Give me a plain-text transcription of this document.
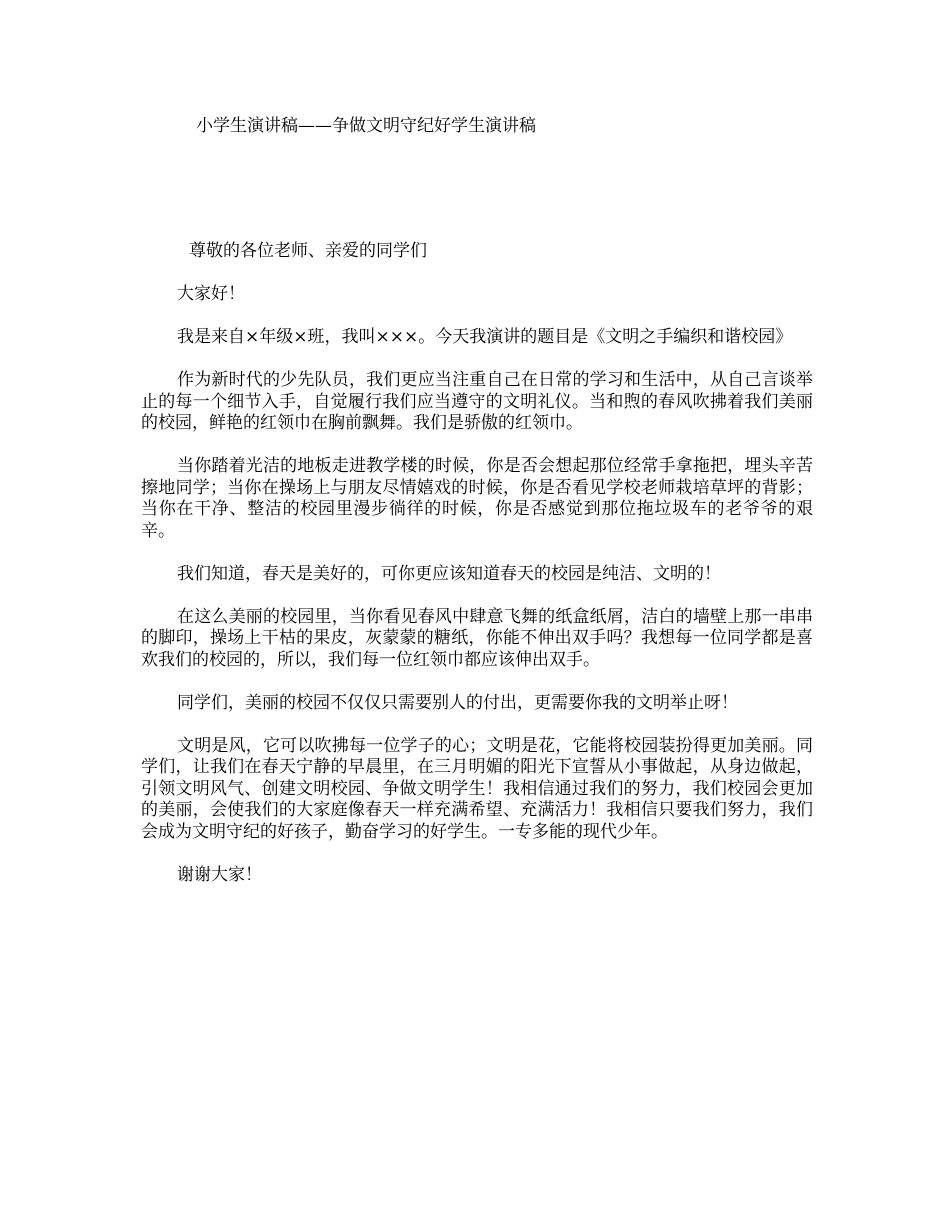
小学生演讲稿——争做文明守纪好学生演讲稿

尊敬的各位老师、亲爱的同学们

大家好！

我是来自×年级×班，我叫×××。今天我演讲的题目是《文明之手编织和谐校园》

作为新时代的少先队员，我们更应当注重自己在日常的学习和生活中，从自己言谈举止的每一个细节入手，自觉履行我们应当遵守的文明礼仪。当和煦的春风吹拂着我们美丽的校园，鲜艳的红领巾在胸前飘舞。我们是骄傲的红领巾。

当你踏着光洁的地板走进教学楼的时候，你是否会想起那位经常手拿拖把，埋头辛苦擦地同学；当你在操场上与朋友尽情嬉戏的时候，你是否看见学校老师栽培草坪的背影；当你在干净、整洁的校园里漫步徜徉的时候，你是否感觉到那位拖垃圾车的老爷爷的艰辛。

我们知道，春天是美好的，可你更应该知道春天的校园是纯洁、文明的！

在这么美丽的校园里，当你看见春风中肆意飞舞的纸盒纸屑，洁白的墙壁上那一串串的脚印，操场上干枯的果皮，灰蒙蒙的糖纸，你能不伸出双手吗？我想每一位同学都是喜欢我们的校园的，所以，我们每一位红领巾都应该伸出双手。

同学们，美丽的校园不仅仅只需要别人的付出，更需要你我的文明举止呀！

文明是风，它可以吹拂每一位学子的心；文明是花，它能将校园装扮得更加美丽。同学们，让我们在春天宁静的早晨里，在三月明媚的阳光下宣誓从小事做起，从身边做起，引领文明风气、创建文明校园、争做文明学生！我相信通过我们的努力，我们校园会更加的美丽，会使我们的大家庭像春天一样充满希望、充满活力！我相信只要我们努力，我们会成为文明守纪的好孩子，勤奋学习的好学生。一专多能的现代少年。

谢谢大家！
